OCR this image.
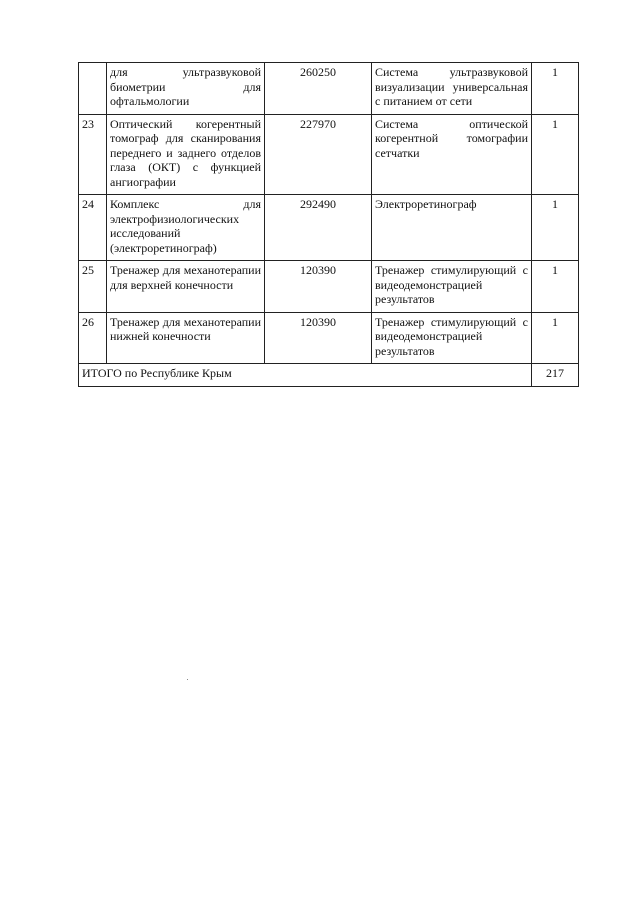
	для ультразвуковой биометрии для офтальмологии	260250	Система ультразвуковой визуализации универсальная с питанием от сети	1
23	Оптический когерентный томограф для сканирования переднего и заднего отделов глаза (ОКТ) с функцией ангиографии	227970	Система оптической когерентной томографии сетчатки	1
24	Комплекс для электрофизиологических исследований (электроретинограф)	292490	Электроретинограф	1
25	Тренажер для механотерапии для верхней конечности	120390	Тренажер стимулирующий с видеодемонстрацией результатов	1
26	Тренажер для механотерапии нижней конечности	120390	Тренажер стимулирующий с видеодемонстрацией результатов	1
ИТОГО по Республике Крым				217
